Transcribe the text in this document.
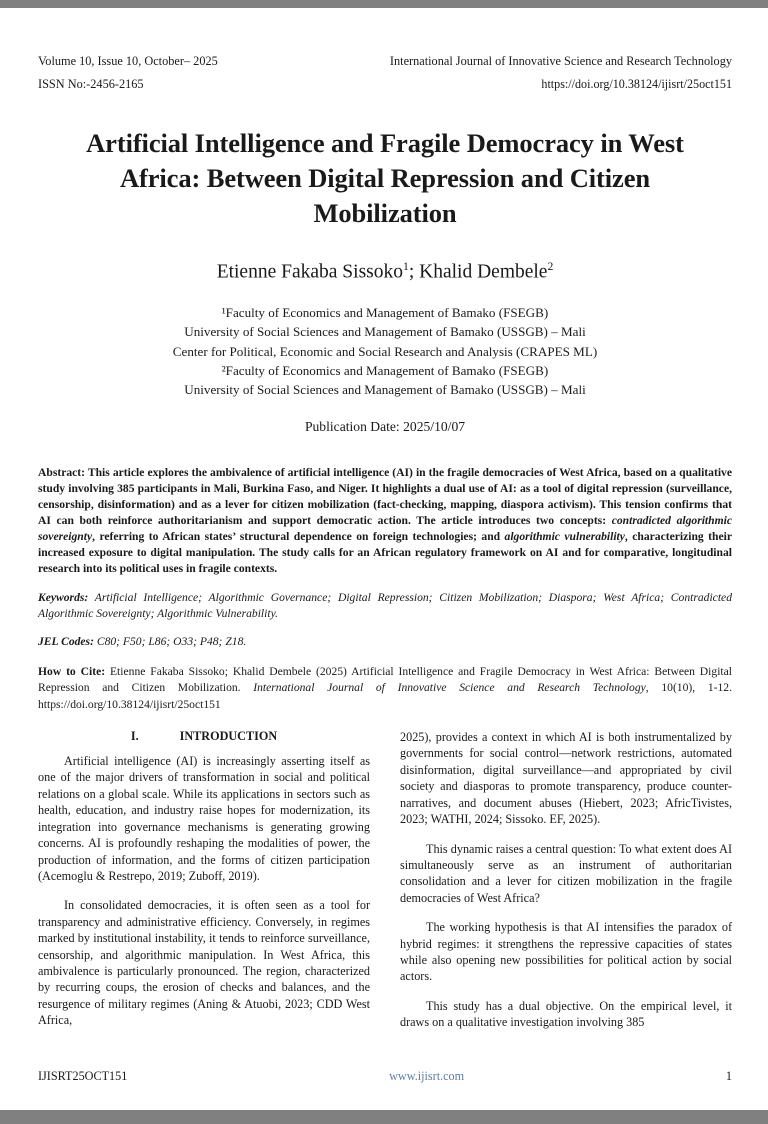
Volume 10, Issue 10, October– 2025	International Journal of Innovative Science and Research Technology
ISSN No:-2456-2165	https://doi.org/10.38124/ijisrt/25oct151
Artificial Intelligence and Fragile Democracy in West Africa: Between Digital Repression and Citizen Mobilization
Etienne Fakaba Sissoko$^1$; Khalid Dembele$^2$
¹Faculty of Economics and Management of Bamako (FSEGB)
University of Social Sciences and Management of Bamako (USSGB) – Mali
Center for Political, Economic and Social Research and Analysis (CRAPES ML)
²Faculty of Economics and Management of Bamako (FSEGB)
University of Social Sciences and Management of Bamako (USSGB) – Mali
Publication Date: 2025/10/07

Abstract: This article explores the ambivalence of artificial intelligence (AI) in the fragile democracies of West Africa, based on a qualitative study involving 385 participants in Mali, Burkina Faso, and Niger. It highlights a dual use of AI: as a tool of digital repression (surveillance, censorship, disinformation) and as a lever for citizen mobilization (fact-checking, mapping, diaspora activism). This tension confirms that AI can both reinforce authoritarianism and support democratic action. The article introduces two concepts: contradicted algorithmic sovereignty, referring to African states’ structural dependence on foreign technologies; and algorithmic vulnerability, characterizing their increased exposure to digital manipulation. The study calls for an African regulatory framework on AI and for comparative, longitudinal research into its political uses in fragile contexts.

Keywords: Artificial Intelligence; Algorithmic Governance; Digital Repression; Citizen Mobilization; Diaspora; West Africa; Contradicted Algorithmic Sovereignty; Algorithmic Vulnerability.

JEL Codes: C80; F50; L86; O33; P48; Z18.

How to Cite: Etienne Fakaba Sissoko; Khalid Dembele (2025) Artificial Intelligence and Fragile Democracy in West Africa: Between Digital Repression and Citizen Mobilization. International Journal of Innovative Science and Research Technology, 10(10), 1-12. https://doi.org/10.38124/ijisrt/25oct151

I.			INTRODUCTION

Artificial intelligence (AI) is increasingly asserting itself as one of the major drivers of transformation in social and political relations on a global scale. While its applications in sectors such as health, education, and industry raise hopes for modernization, its integration into governance mechanisms is generating growing concerns. AI is profoundly reshaping the modalities of power, the production of information, and the forms of citizen participation (Acemoglu & Restrepo, 2019; Zuboff, 2019).

In consolidated democracies, it is often seen as a tool for transparency and administrative efficiency. Conversely, in regimes marked by institutional instability, it tends to reinforce surveillance, censorship, and algorithmic manipulation. In West Africa, this ambivalence is particularly pronounced. The region, characterized by recurring coups, the erosion of checks and balances, and the resurgence of military regimes (Aning & Atuobi, 2023; CDD West Africa,

2025), provides a context in which AI is both instrumentalized by governments for social control—network restrictions, automated disinformation, digital surveillance—and appropriated by civil society and diasporas to promote transparency, produce counter-narratives, and document abuses (Hiebert, 2023; AfricTivistes, 2023; WATHI, 2024; Sissoko. EF, 2025).

This dynamic raises a central question: To what extent does AI simultaneously serve as an instrument of authoritarian consolidation and a lever for citizen mobilization in the fragile democracies of West Africa?

The working hypothesis is that AI intensifies the paradox of hybrid regimes: it strengthens the repressive capacities of states while also opening new possibilities for political action by social actors.

This study has a dual objective. On the empirical level, it draws on a qualitative investigation involving 385

IJISRT25OCT151	www.ijisrt.com	1
